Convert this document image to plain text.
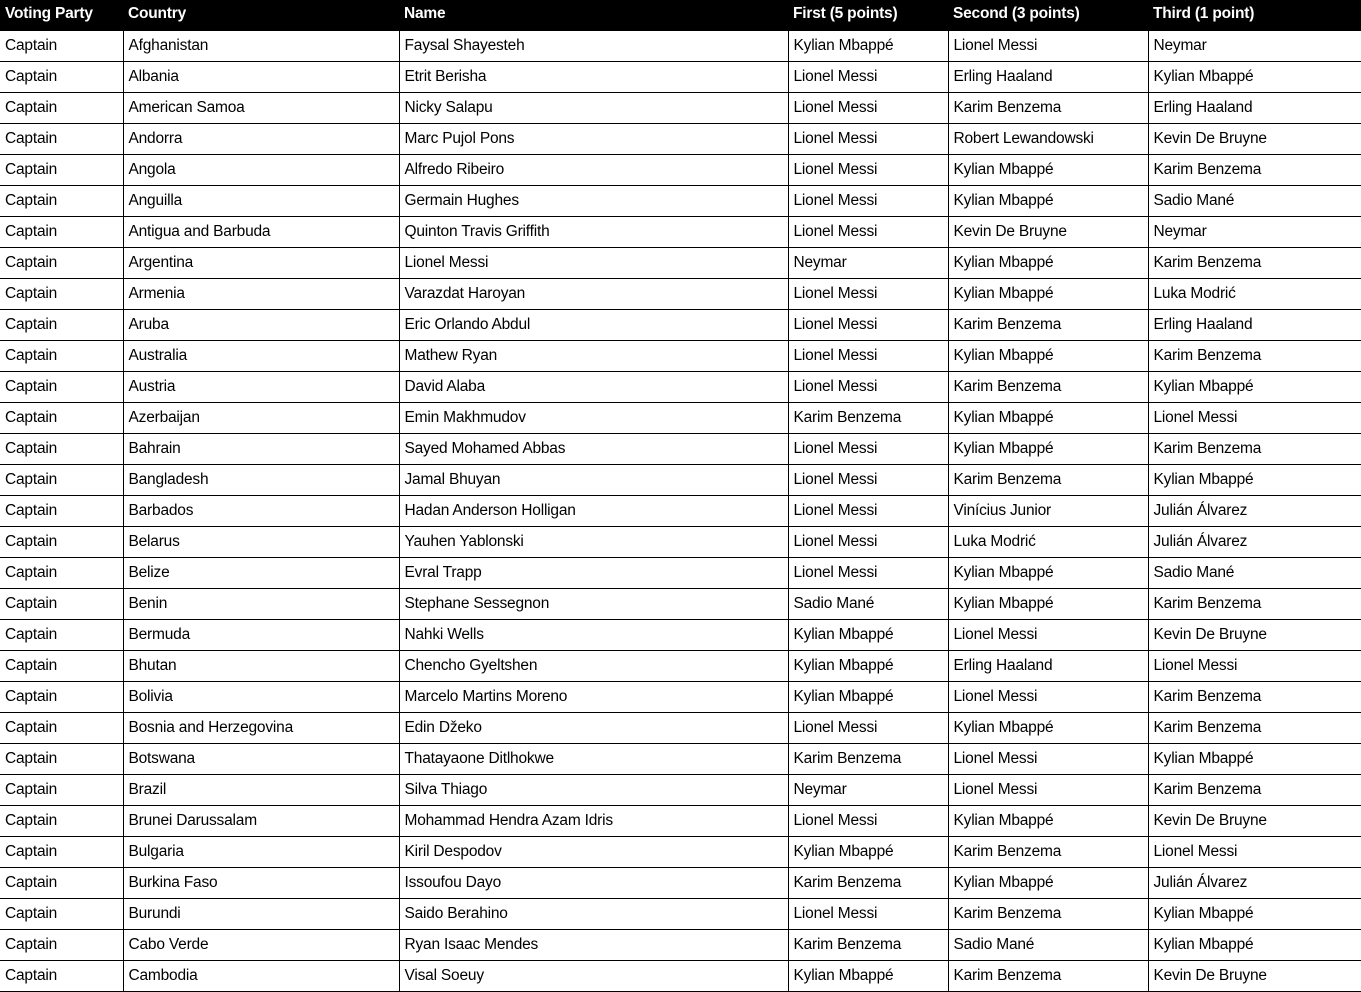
Voting Party	Country	Name	First (5 points)	Second (3 points)	Third (1 point)
Captain	Afghanistan	Faysal Shayesteh	Kylian Mbappé	Lionel Messi	Neymar
Captain	Albania	Etrit Berisha	Lionel Messi	Erling Haaland	Kylian Mbappé
Captain	American Samoa	Nicky Salapu	Lionel Messi	Karim Benzema	Erling Haaland
Captain	Andorra	Marc Pujol Pons	Lionel Messi	Robert Lewandowski	Kevin De Bruyne
Captain	Angola	Alfredo Ribeiro	Lionel Messi	Kylian Mbappé	Karim Benzema
Captain	Anguilla	Germain Hughes	Lionel Messi	Kylian Mbappé	Sadio Mané
Captain	Antigua and Barbuda	Quinton Travis Griffith	Lionel Messi	Kevin De Bruyne	Neymar
Captain	Argentina	Lionel Messi	Neymar	Kylian Mbappé	Karim Benzema
Captain	Armenia	Varazdat Haroyan	Lionel Messi	Kylian Mbappé	Luka Modrić
Captain	Aruba	Eric Orlando Abdul	Lionel Messi	Karim Benzema	Erling Haaland
Captain	Australia	Mathew Ryan	Lionel Messi	Kylian Mbappé	Karim Benzema
Captain	Austria	David Alaba	Lionel Messi	Karim Benzema	Kylian Mbappé
Captain	Azerbaijan	Emin Makhmudov	Karim Benzema	Kylian Mbappé	Lionel Messi
Captain	Bahrain	Sayed Mohamed Abbas	Lionel Messi	Kylian Mbappé	Karim Benzema
Captain	Bangladesh	Jamal Bhuyan	Lionel Messi	Karim Benzema	Kylian Mbappé
Captain	Barbados	Hadan Anderson Holligan	Lionel Messi	Vinícius Junior	Julián Álvarez
Captain	Belarus	Yauhen Yablonski	Lionel Messi	Luka Modrić	Julián Álvarez
Captain	Belize	Evral Trapp	Lionel Messi	Kylian Mbappé	Sadio Mané
Captain	Benin	Stephane Sessegnon	Sadio Mané	Kylian Mbappé	Karim Benzema
Captain	Bermuda	Nahki Wells	Kylian Mbappé	Lionel Messi	Kevin De Bruyne
Captain	Bhutan	Chencho Gyeltshen	Kylian Mbappé	Erling Haaland	Lionel Messi
Captain	Bolivia	Marcelo Martins Moreno	Kylian Mbappé	Lionel Messi	Karim Benzema
Captain	Bosnia and Herzegovina	Edin Džeko	Lionel Messi	Kylian Mbappé	Karim Benzema
Captain	Botswana	Thatayaone Ditlhokwe	Karim Benzema	Lionel Messi	Kylian Mbappé
Captain	Brazil	Silva Thiago	Neymar	Lionel Messi	Karim Benzema
Captain	Brunei Darussalam	Mohammad Hendra Azam Idris	Lionel Messi	Kylian Mbappé	Kevin De Bruyne
Captain	Bulgaria	Kiril Despodov	Kylian Mbappé	Karim Benzema	Lionel Messi
Captain	Burkina Faso	Issoufou Dayo	Karim Benzema	Kylian Mbappé	Julián Álvarez
Captain	Burundi	Saido Berahino	Lionel Messi	Karim Benzema	Kylian Mbappé
Captain	Cabo Verde	Ryan Isaac Mendes	Karim Benzema	Sadio Mané	Kylian Mbappé
Captain	Cambodia	Visal Soeuy	Kylian Mbappé	Karim Benzema	Kevin De Bruyne
